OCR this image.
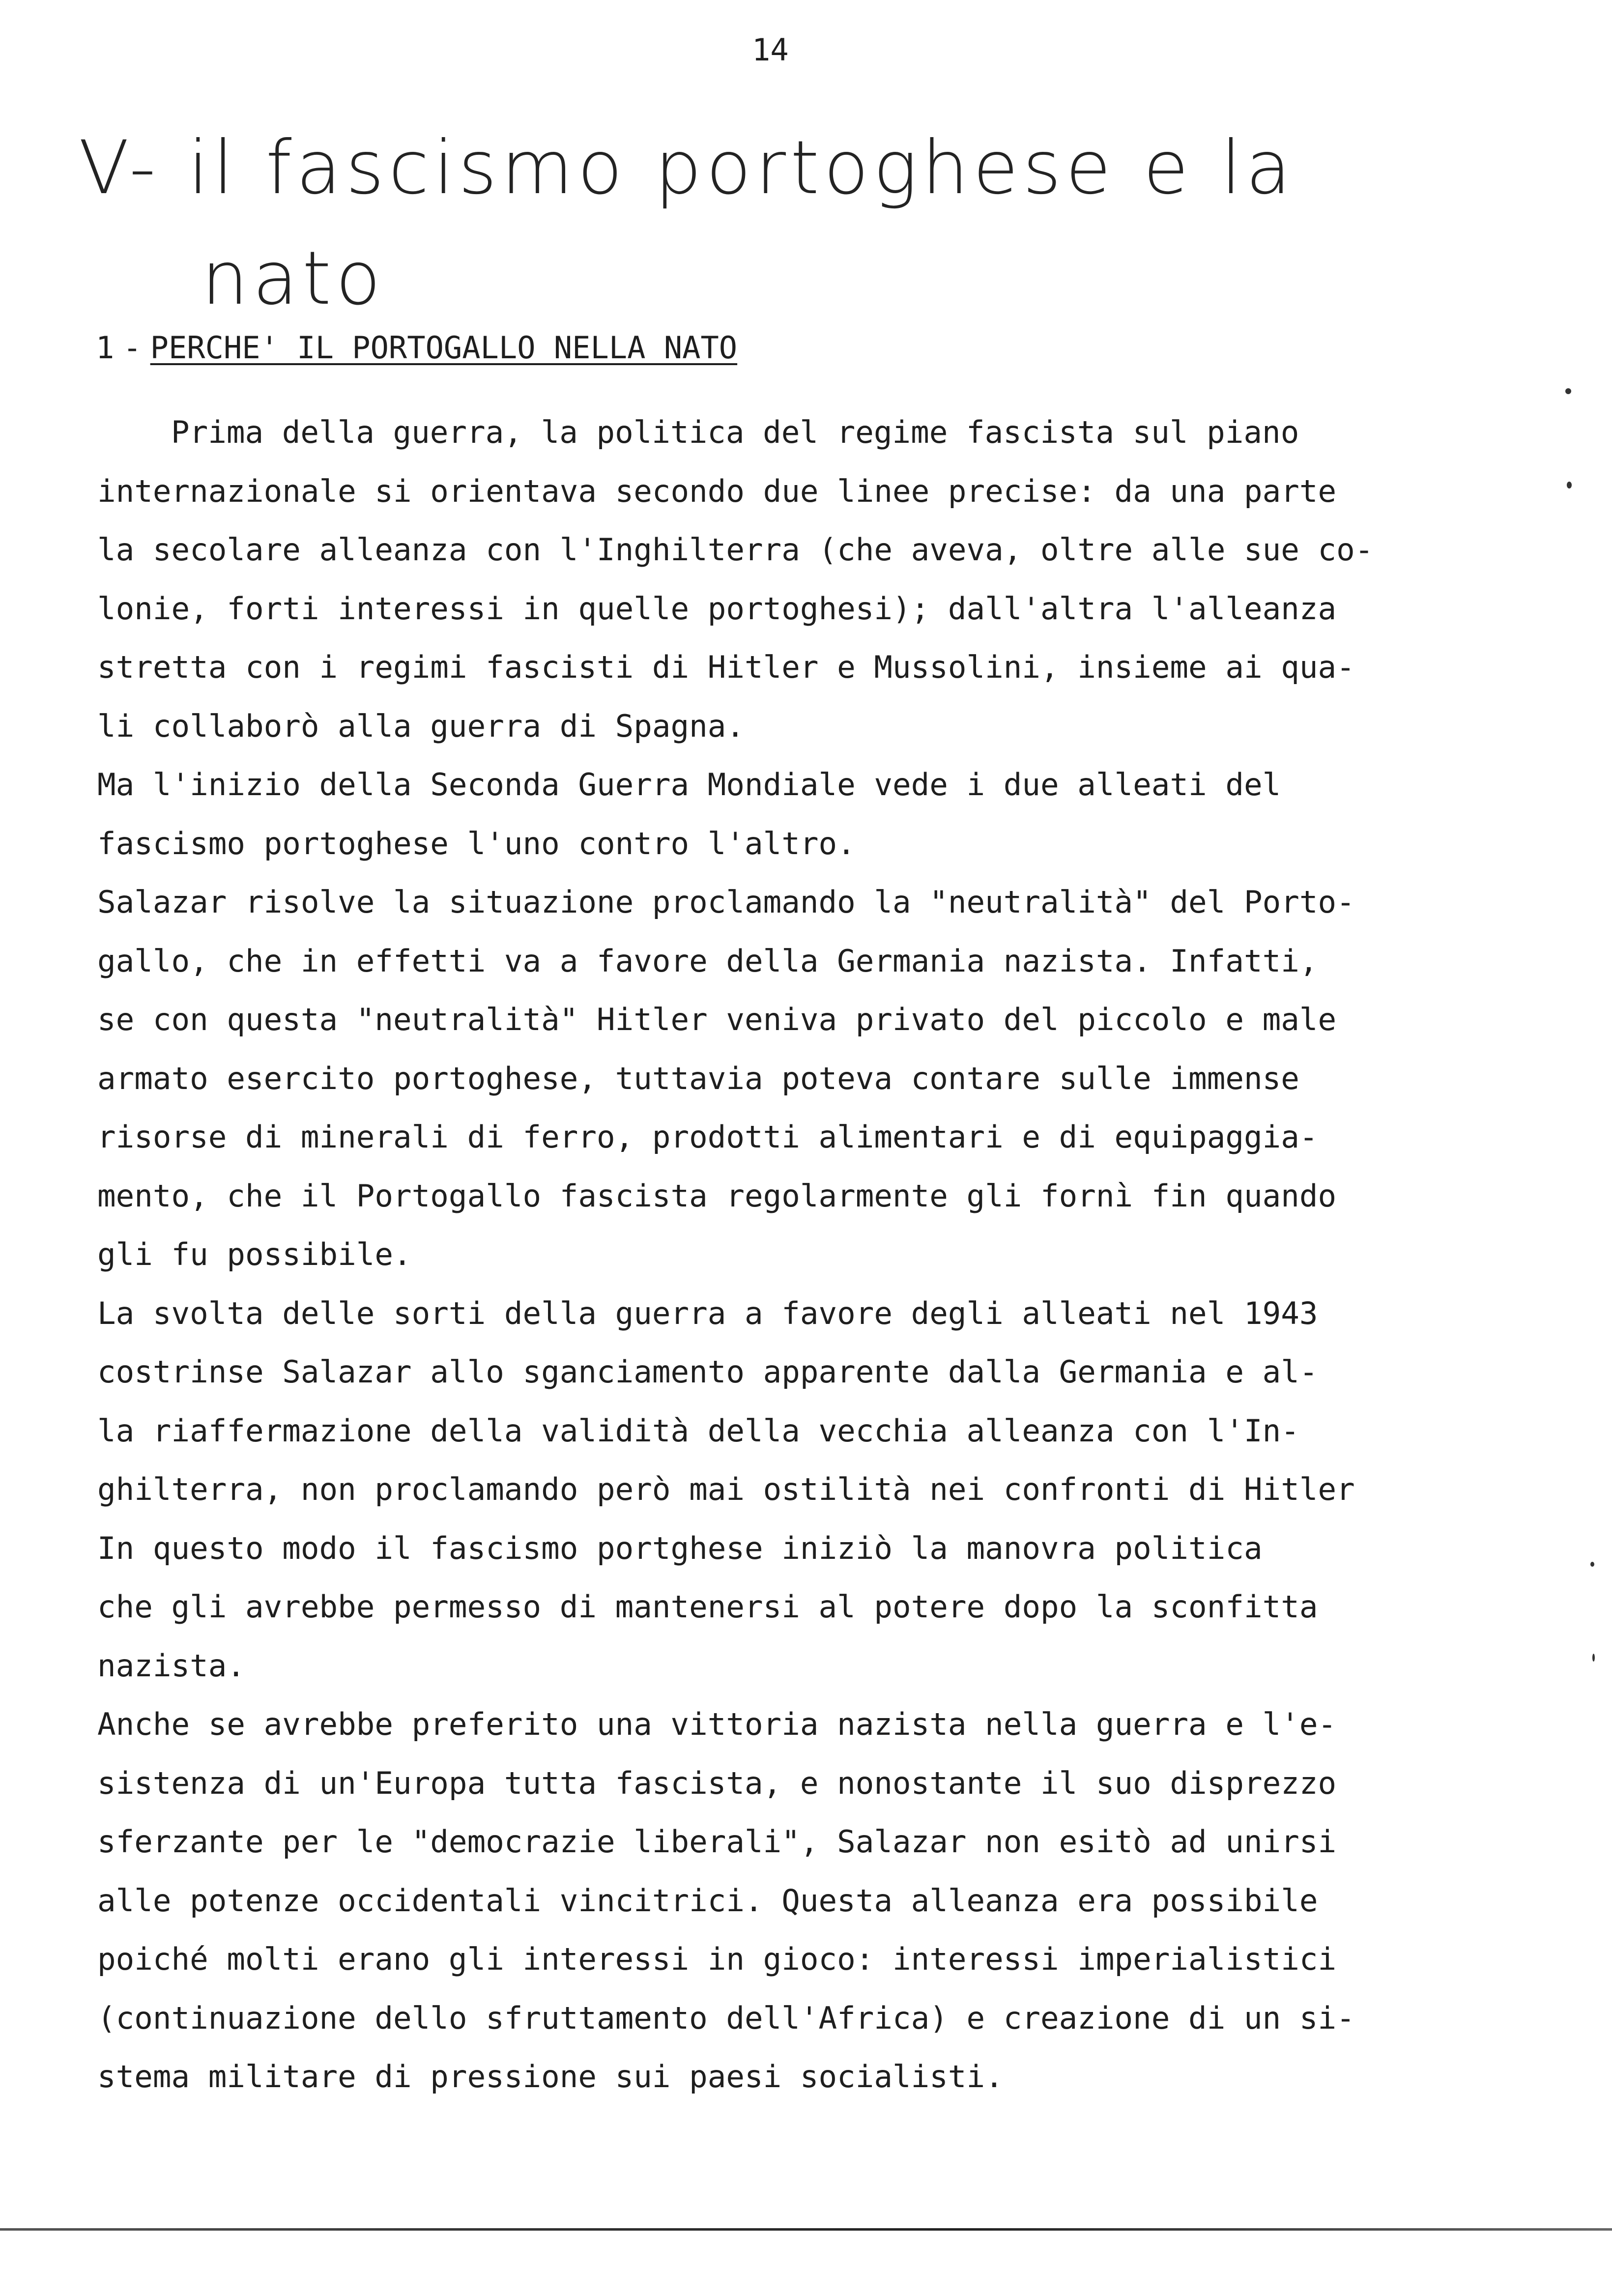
14
V- il fascismo portoghese e la
nato
1 - PERCHE' IL PORTOGALLO NELLA NATO
Prima della guerra, la politica del regime fascista sul piano
internazionale si orientava secondo due linee precise: da una parte
la secolare alleanza con l'Inghilterra (che aveva, oltre alle sue co-
lonie, forti interessi in quelle portoghesi); dall'altra l'alleanza
stretta con i regimi fascisti di Hitler e Mussolini, insieme ai qua-
li collaborò alla guerra di Spagna.
Ma l'inizio della Seconda Guerra Mondiale vede i due alleati del
fascismo portoghese l'uno contro l'altro.
Salazar risolve la situazione proclamando la "neutralità" del Porto-
gallo, che in effetti va a favore della Germania nazista. Infatti,
se con questa "neutralità" Hitler veniva privato del piccolo e male
armato esercito portoghese, tuttavia poteva contare sulle immense
risorse di minerali di ferro, prodotti alimentari e di equipaggia-
mento, che il Portogallo fascista regolarmente gli fornì fin quando
gli fu possibile.
La svolta delle sorti della guerra a favore degli alleati nel 1943
costrinse Salazar allo sganciamento apparente dalla Germania e al-
la riaffermazione della validità della vecchia alleanza con l'In-
ghilterra, non proclamando però mai ostilità nei confronti di Hitler
In questo modo il fascismo portghese iniziò la manovra politica
che gli avrebbe permesso di mantenersi al potere dopo la sconfitta
nazista.
Anche se avrebbe preferito una vittoria nazista nella guerra e l'e-
sistenza di un'Europa tutta fascista, e nonostante il suo disprezzo
sferzante per le "democrazie liberali", Salazar non esitò ad unirsi
alle potenze occidentali vincitrici. Questa alleanza era possibile
poiché molti erano gli interessi in gioco: interessi imperialistici
(continuazione dello sfruttamento dell'Africa) e creazione di un si-
stema militare di pressione sui paesi socialisti.
